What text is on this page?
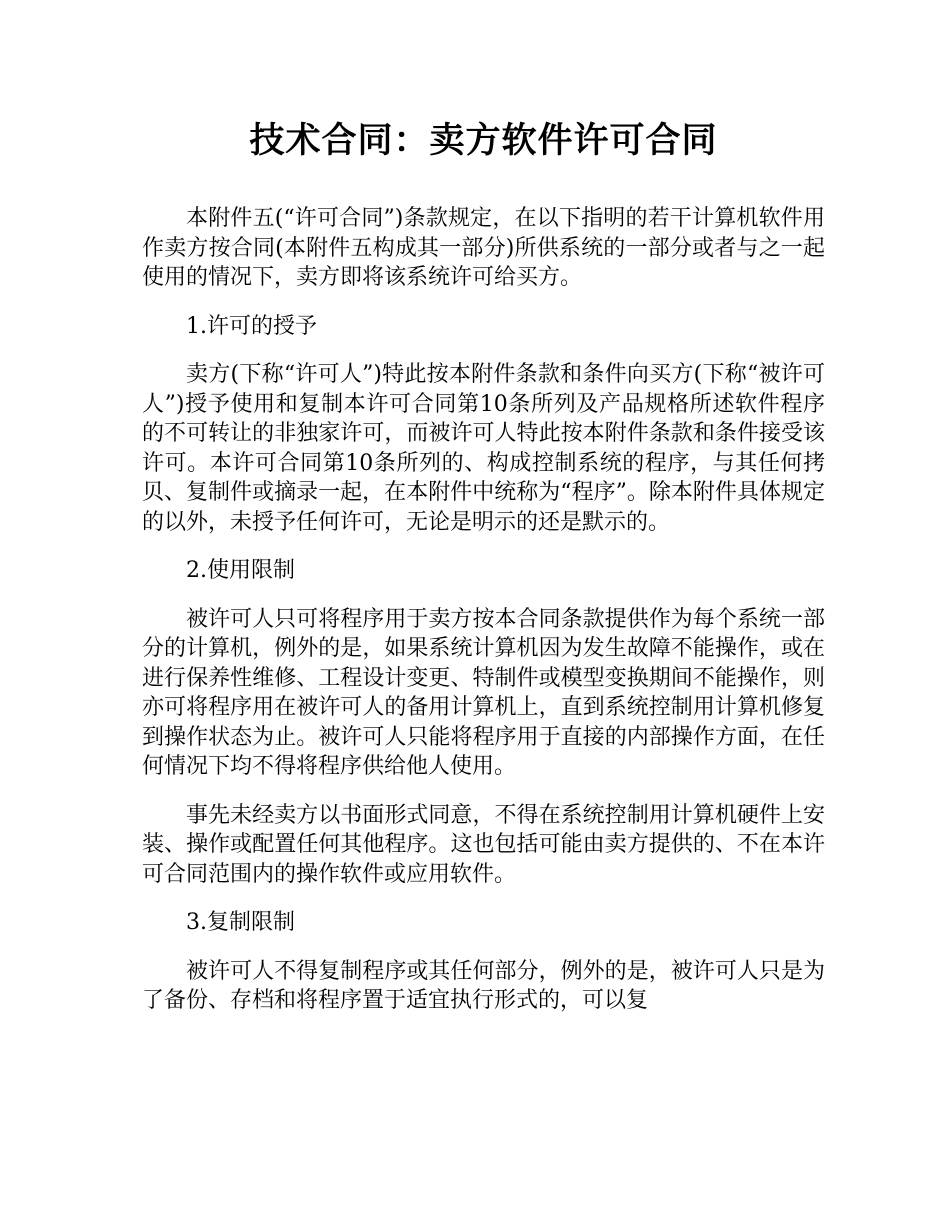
技术合同：卖方软件许可合同

本附件五(“许可合同”)条款规定，在以下指明的若干计算机软件用作卖方按合同(本附件五构成其一部分)所供系统的一部分或者与之一起使用的情况下，卖方即将该系统许可给买方。

1.许可的授予

卖方(下称“许可人”)特此按本附件条款和条件向买方(下称“被许可人”)授予使用和复制本许可合同第10条所列及产品规格所述软件程序的不可转让的非独家许可，而被许可人特此按本附件条款和条件接受该许可。本许可合同第10条所列的、构成控制系统的程序，与其任何拷贝、复制件或摘录一起，在本附件中统称为“程序”。除本附件具体规定的以外，未授予任何许可，无论是明示的还是默示的。

2.使用限制

被许可人只可将程序用于卖方按本合同条款提供作为每个系统一部分的计算机，例外的是，如果系统计算机因为发生故障不能操作，或在进行保养性维修、工程设计变更、特制件或模型变换期间不能操作，则亦可将程序用在被许可人的备用计算机上，直到系统控制用计算机修复到操作状态为止。被许可人只能将程序用于直接的内部操作方面，在任何情况下均不得将程序供给他人使用。

事先未经卖方以书面形式同意，不得在系统控制用计算机硬件上安装、操作或配置任何其他程序。这也包括可能由卖方提供的、不在本许可合同范围内的操作软件或应用软件。

3.复制限制

被许可人不得复制程序或其任何部分，例外的是，被许可人只是为了备份、存档和将程序置于适宜执行形式的，可以复
